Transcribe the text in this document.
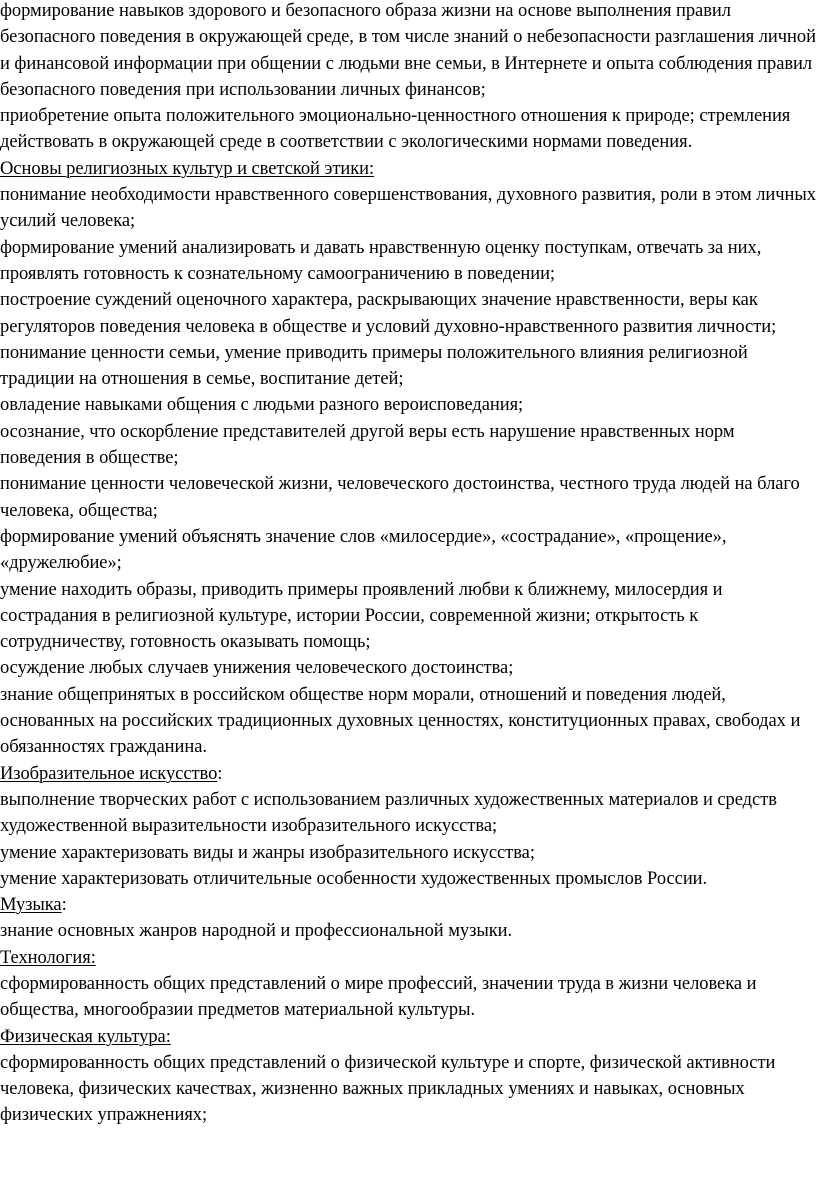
формирование навыков здорового и безопасного образа жизни на основе выполнения правил безопасного поведения в окружающей среде, в том числе знаний о небезопасности разглашения личной и финансовой информации при общении с людьми вне семьи, в Интернете и опыта соблюдения правил безопасного поведения при использовании личных финансов;

приобретение опыта положительного эмоционально-ценностного отношения к природе; стремления действовать в окружающей среде в соответствии с экологическими нормами поведения.

Основы религиозных культур и светской этики:

понимание необходимости нравственного совершенствования, духовного развития, роли в этом личных усилий человека;

формирование умений анализировать и давать нравственную оценку поступкам, отвечать за них, проявлять готовность к сознательному самоограничению в поведении;

построение суждений оценочного характера, раскрывающих значение нравственности, веры как регуляторов поведения человека в обществе и условий духовно-нравственного развития личности;

понимание ценности семьи, умение приводить примеры положительного влияния религиозной традиции на отношения в семье, воспитание детей;

овладение навыками общения с людьми разного вероисповедания;

осознание, что оскорбление представителей другой веры есть нарушение нравственных норм поведения в обществе;

понимание ценности человеческой жизни, человеческого достоинства, честного труда людей на благо человека, общества;

формирование умений объяснять значение слов «милосердие», «сострадание», «прощение», «дружелюбие»;

умение находить образы, приводить примеры проявлений любви к ближнему, милосердия и сострадания в религиозной культуре, истории России, современной жизни; открытость к сотрудничеству, готовность оказывать помощь;

осуждение любых случаев унижения человеческого достоинства;

знание общепринятых в российском обществе норм морали, отношений и поведения людей, основанных на российских традиционных духовных ценностях, конституционных правах, свободах и обязанностях гражданина.

Изобразительное искусство:

выполнение творческих работ с использованием различных художественных материалов и средств художественной выразительности изобразительного искусства;

умение характеризовать виды и жанры изобразительного искусства;

умение характеризовать отличительные особенности художественных промыслов России.

Музыка:

знание основных жанров народной и профессиональной музыки.

Технология:

сформированность общих представлений о мире профессий, значении труда в жизни человека и общества, многообразии предметов материальной культуры.

Физическая культура:

сформированность общих представлений о физической культуре и спорте, физической активности человека, физических качествах, жизненно важных прикладных умениях и навыках, основных физических упражнениях;
